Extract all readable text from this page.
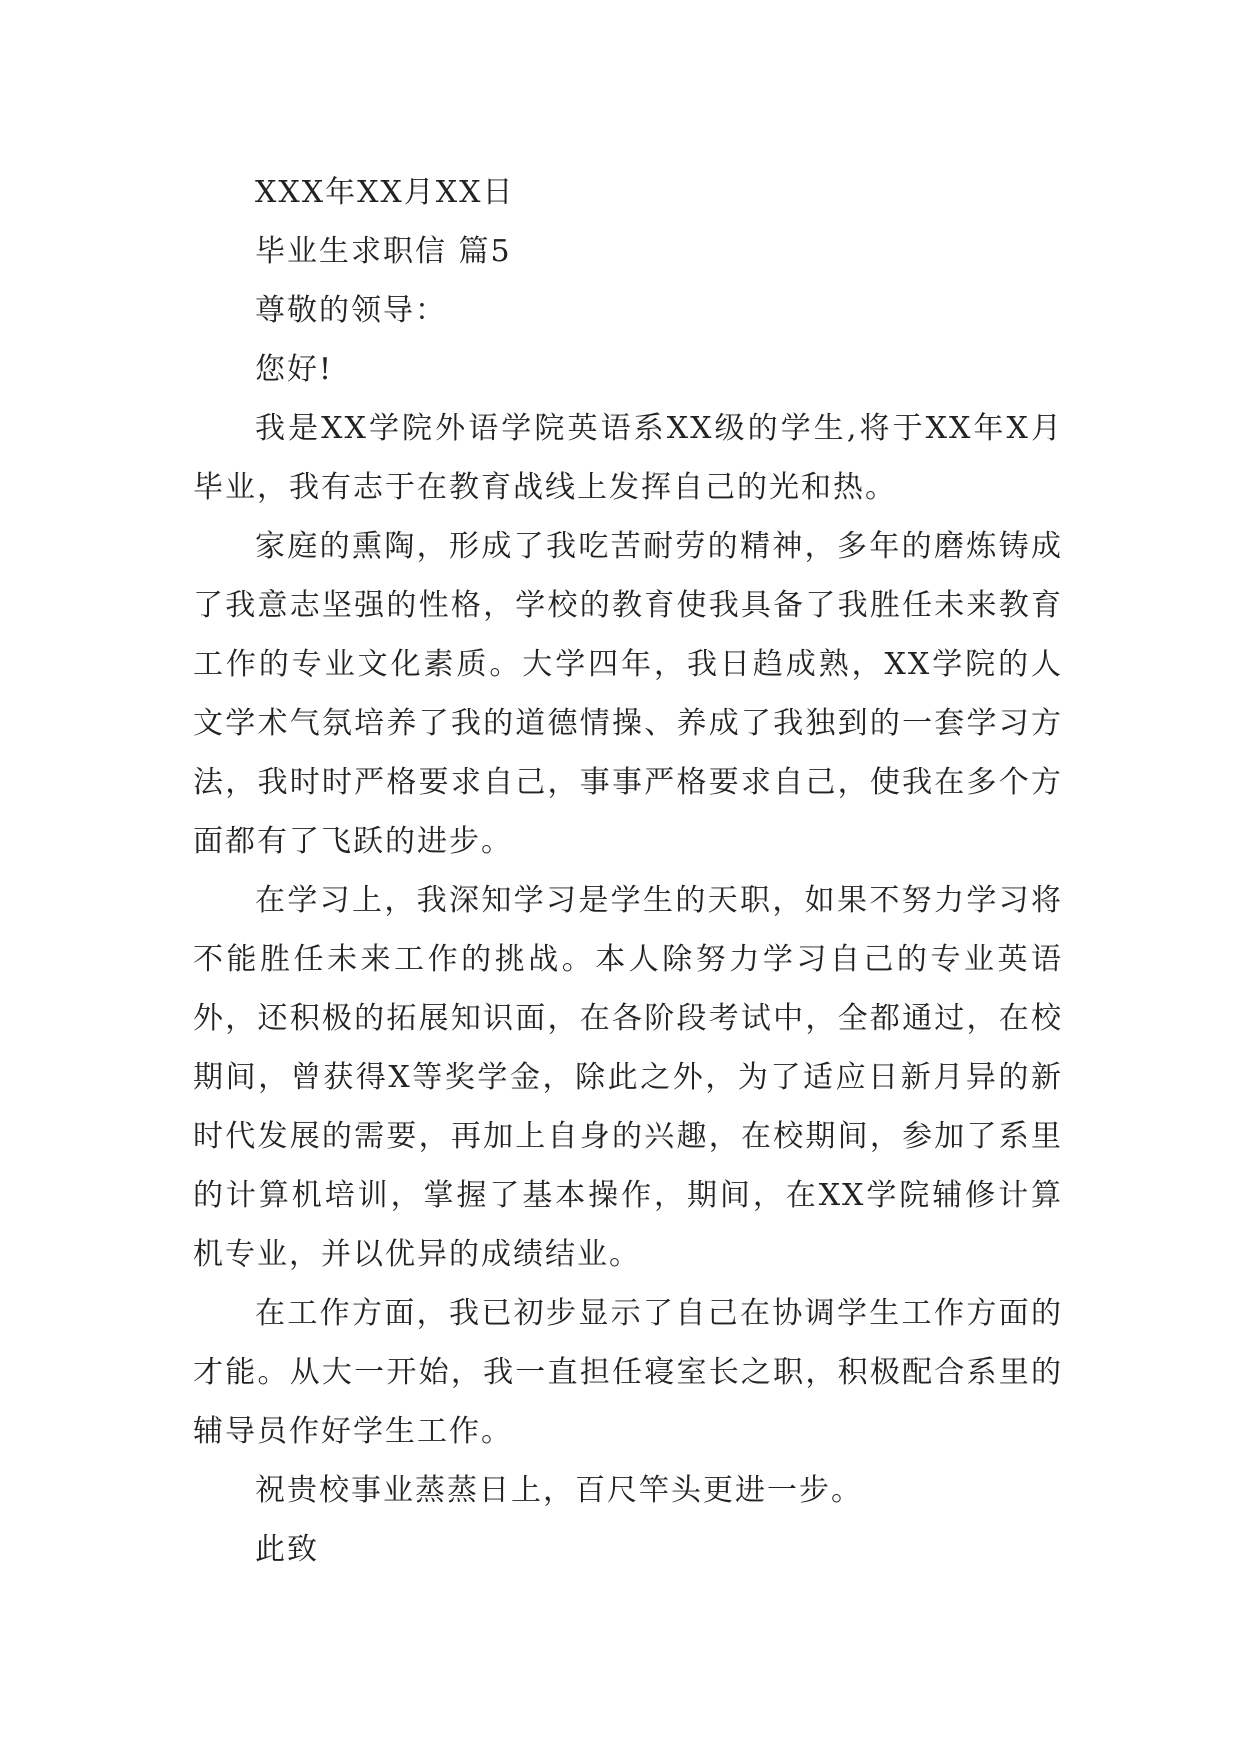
XXX年XX月XX日

毕业生求职信 篇5

尊敬的领导：

您好!

我是XX学院外语学院英语系XX级的学生,将于XX年X月毕业，我有志于在教育战线上发挥自己的光和热。

家庭的熏陶，形成了我吃苦耐劳的精神，多年的磨炼铸成了我意志坚强的性格，学校的教育使我具备了我胜任未来教育工作的专业文化素质。大学四年，我日趋成熟，XX学院的人文学术气氛培养了我的道德情操、养成了我独到的一套学习方法，我时时严格要求自己，事事严格要求自己，使我在多个方面都有了飞跃的进步。

在学习上，我深知学习是学生的天职，如果不努力学习将不能胜任未来工作的挑战。本人除努力学习自己的专业英语外，还积极的拓展知识面，在各阶段考试中，全都通过，在校期间，曾获得X等奖学金，除此之外，为了适应日新月异的新时代发展的需要，再加上自身的兴趣，在校期间，参加了系里的计算机培训，掌握了基本操作，期间，在XX学院辅修计算机专业，并以优异的成绩结业。

在工作方面，我已初步显示了自己在协调学生工作方面的才能。从大一开始，我一直担任寝室长之职，积极配合系里的辅导员作好学生工作。

祝贵校事业蒸蒸日上，百尺竿头更进一步。

此致
